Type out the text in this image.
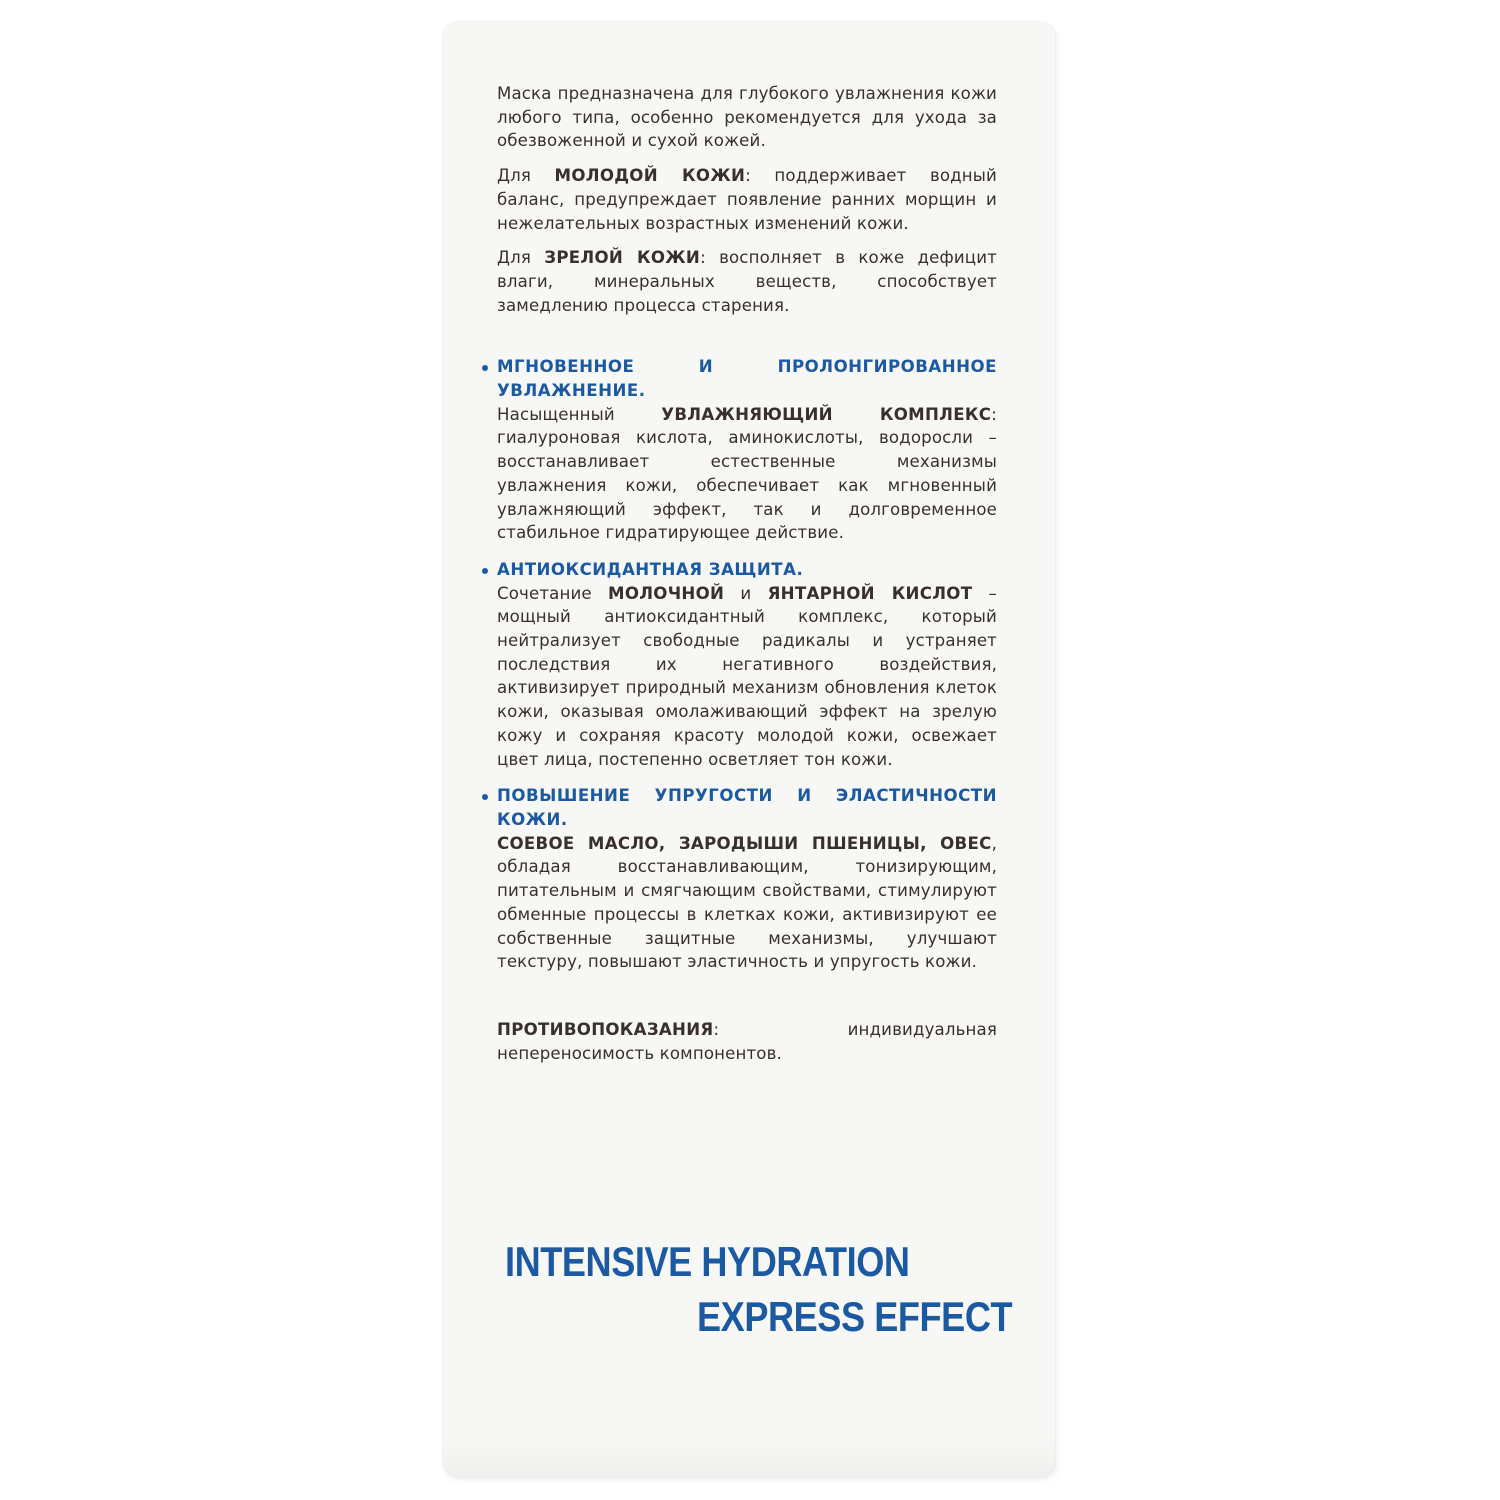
Маска предназначена для глубокого увлажнения кожи любого типа, особенно рекомендуется для ухода за обезвоженной и сухой кожей.

Для МОЛОДОЙ КОЖИ: поддерживает водный баланс, предупреждает появление ранних морщин и нежелательных возрастных изменений кожи.

Для ЗРЕЛОЙ КОЖИ: восполняет в коже дефицит влаги, минеральных веществ, способствует замедлению процесса старения.

МГНОВЕННОЕ И ПРОЛОНГИРОВАННОЕ УВЛАЖНЕНИЕ.

Насыщенный УВЛАЖНЯЮЩИЙ КОМПЛЕКС: гиалуроновая кислота, аминокислоты, водоросли – восстанавливает естественные механизмы увлажнения кожи, обеспечивает как мгновенный увлажняющий эффект, так и долговременное стабильное гидратирующее действие.

АНТИОКСИДАНТНАЯ ЗАЩИТА.

Сочетание МОЛОЧНОЙ и ЯНТАРНОЙ КИСЛОТ – мощный антиоксидантный комплекс, который нейтрализует свободные радикалы и устраняет последствия их негативного воздействия, активизирует природный механизм обновления клеток кожи, оказывая омолаживающий эффект на зрелую кожу и сохраняя красоту молодой кожи, освежает цвет лица, постепенно осветляет тон кожи.

ПОВЫШЕНИЕ УПРУГОСТИ И ЭЛАСТИЧНОСТИ КОЖИ.

СОЕВОЕ МАСЛО, ЗАРОДЫШИ ПШЕНИЦЫ, ОВЕС, обладая восстанавливающим, тонизирующим, питательным и смягчающим свойствами, стимулируют обменные процессы в клетках кожи, активизируют ее собственные защитные механизмы, улучшают текстуру, повышают эластичность и упругость кожи.

ПРОТИВОПОКАЗАНИЯ: индивидуальная непереносимость компонентов.

INTENSIVE HYDRATION
EXPRESS EFFECT
